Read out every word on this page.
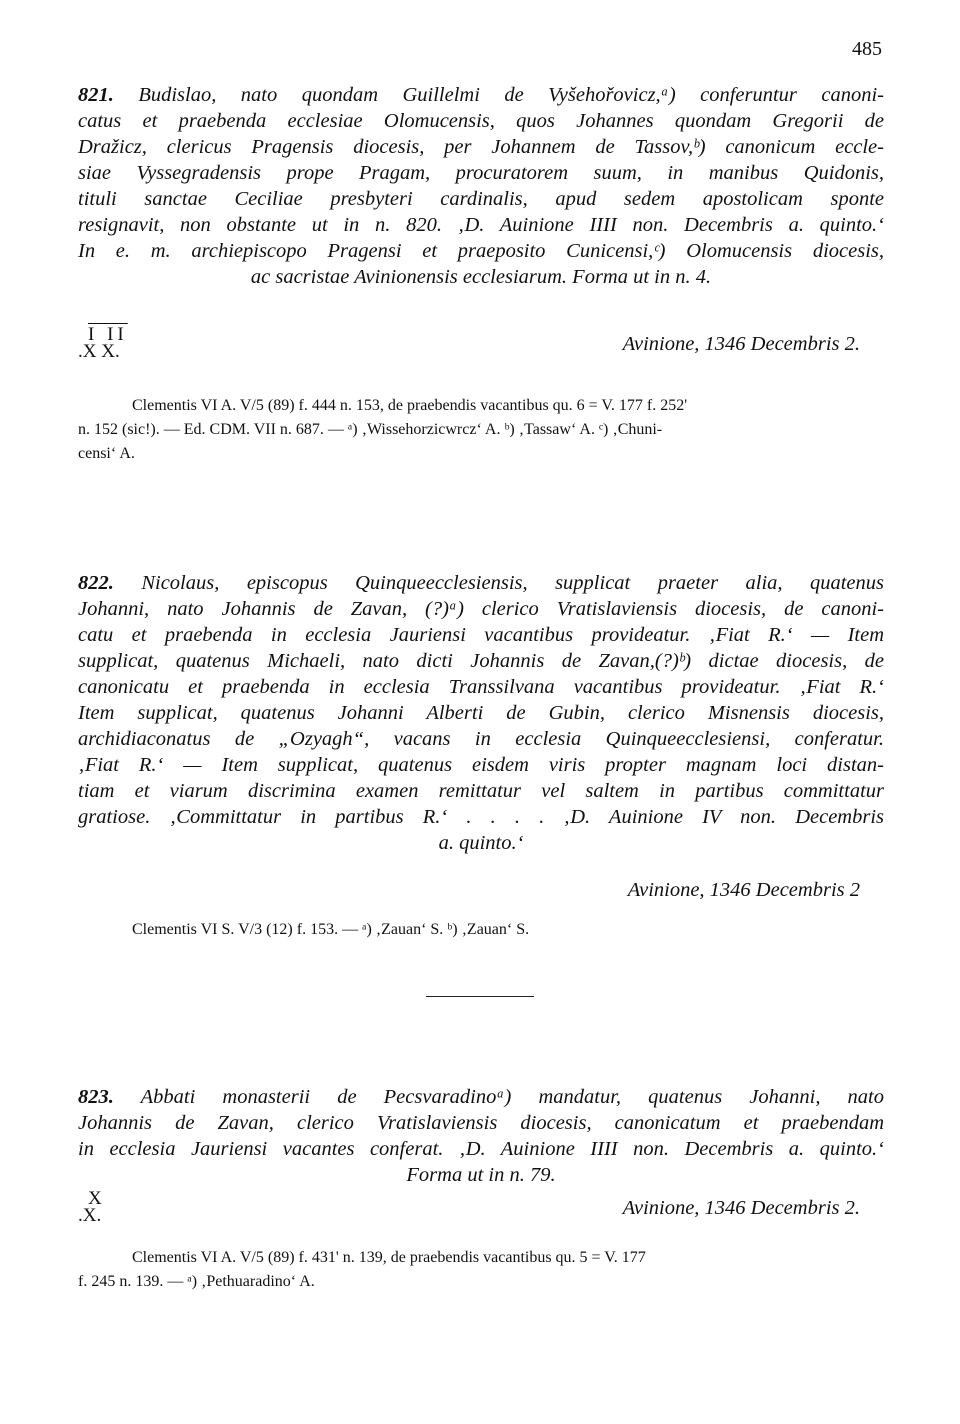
485
821. Budislao, nato quondam Guillelmi de Vyšehořovicz,ᵃ) conferuntur canoni-
catus et praebenda ecclesiae Olomucensis, quos Johannes quondam Gregorii de
Dražicz, clericus Pragensis diocesis, per Johannem de Tassov,ᵇ) canonicum eccle-
siae Vyssegradensis prope Pragam, procuratorem suum, in manibus Quidonis,
tituli sanctae Ceciliae presbyteri cardinalis, apud sedem apostolicam sponte
resignavit, non obstante ut in n. 820. ‚D. Auinione IIII non. Decembris a. quinto.‘
In e. m. archiepiscopo Pragensi et praeposito Cunicensi,ᶜ) Olomucensis diocesis,
ac sacristae Avinionensis ecclesiarum. Forma ut in n. 4.
I II
.X X.	Avinione, 1346 Decembris 2.
Clementis VI A. V/5 (89) f. 444 n. 153, de praebendis vacantibus qu. 6 = V. 177 f. 252'
n. 152 (sic!). — Ed. CDM. VII n. 687. — ᵃ) ‚Wissehorzicwrcz‘ A. ᵇ) ‚Tassaw‘ A. ᶜ) ‚Chuni-
censi‘ A.
822. Nicolaus, episcopus Quinqueecclesiensis, supplicat praeter alia, quatenus
Johanni, nato Johannis de Zavan, (?)ᵃ) clerico Vratislaviensis diocesis, de canoni-
catu et praebenda in ecclesia Jauriensi vacantibus provideatur. ‚Fiat R.‘ — Item
supplicat, quatenus Michaeli, nato dicti Johannis de Zavan,(?)ᵇ) dictae diocesis, de
canonicatu et praebenda in ecclesia Transsilvana vacantibus provideatur. ‚Fiat R.‘
Item supplicat, quatenus Johanni Alberti de Gubin, clerico Misnensis diocesis,
archidiaconatus de „Ozyagh“, vacans in ecclesia Quinqueecclesiensi, conferatur.
‚Fiat R.‘ — Item supplicat, quatenus eisdem viris propter magnam loci distan-
tiam et viarum discrimina examen remittatur vel saltem in partibus committatur
gratiose. ‚Committatur in partibus R.‘ . . . . ‚D. Auinione IV non. Decembris
a. quinto.‘
Avinione, 1346 Decembris 2
Clementis VI S. V/3 (12) f. 153. — ᵃ) ‚Zauan‘ S. ᵇ) ‚Zauan‘ S.
823. Abbati monasterii de Pecsvaradinoᵃ) mandatur, quatenus Johanni, nato
Johannis de Zavan, clerico Vratislaviensis diocesis, canonicatum et praebendam
in ecclesia Jauriensi vacantes conferat. ‚D. Auinione IIII non. Decembris a. quinto.‘
Forma ut in n. 79.
X
.X.	Avinione, 1346 Decembris 2.
Clementis VI A. V/5 (89) f. 431' n. 139, de praebendis vacantibus qu. 5 = V. 177
f. 245 n. 139. — ᵃ) ‚Pethuaradino‘ A.
